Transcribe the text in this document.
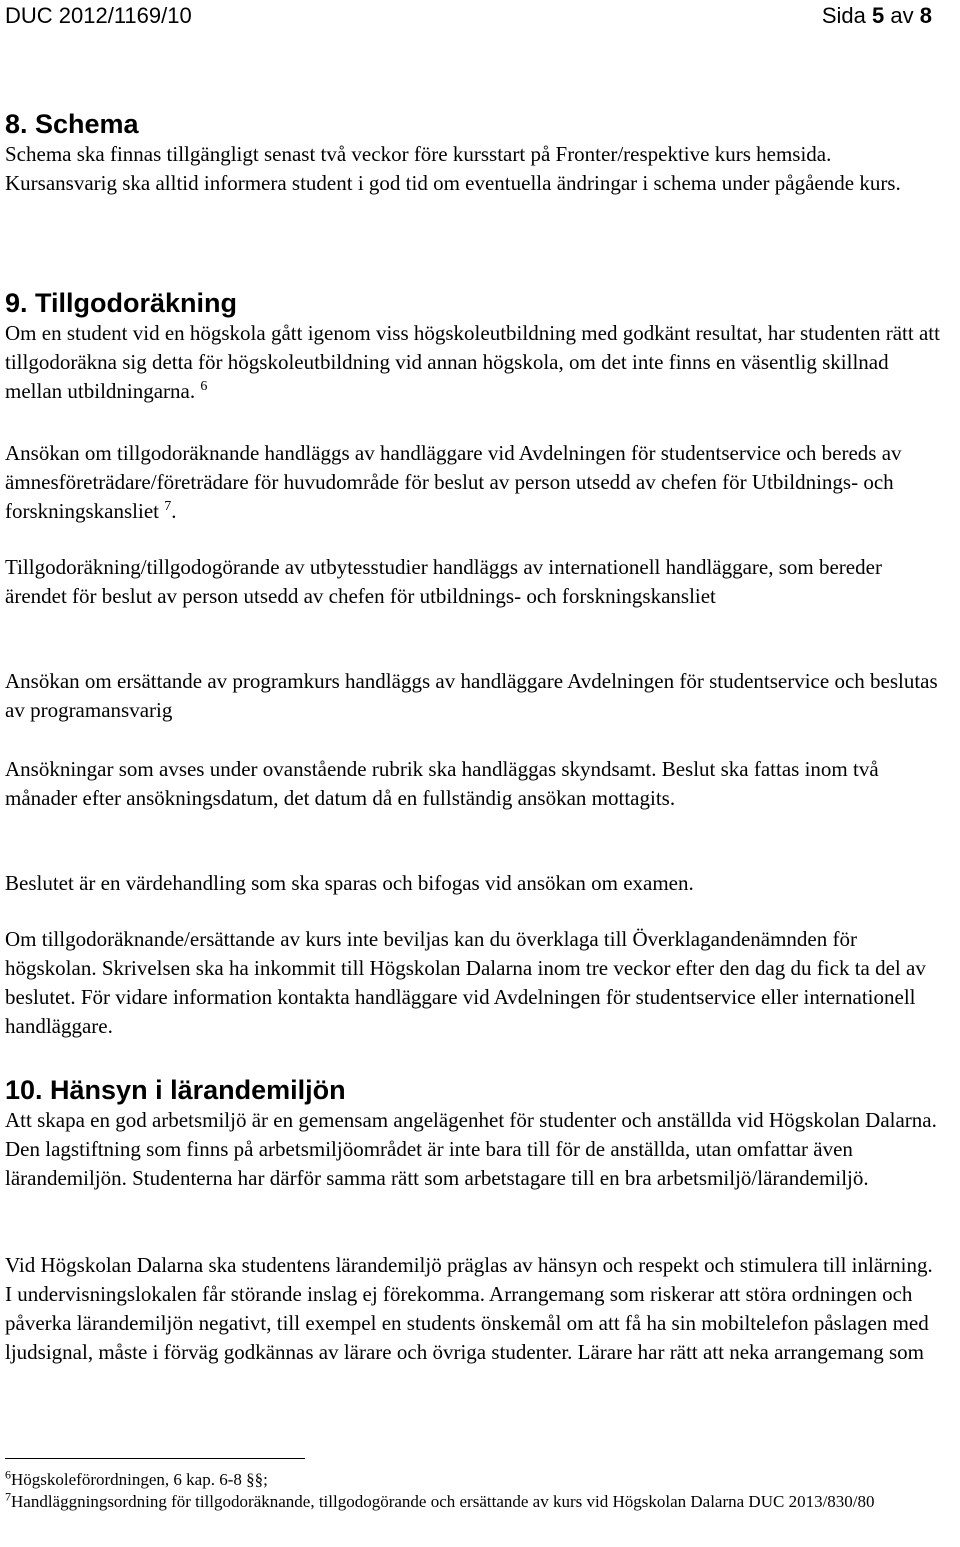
DUC 2012/1169/10	Sida 5 av 8
8. Schema

Schema ska finnas tillgängligt senast två veckor före kursstart på Fronter/respektive kurs hemsida. Kursansvarig ska alltid informera student i god tid om eventuella ändringar i schema under pågående kurs.

9. Tillgodoräkning

Om en student vid en högskola gått igenom viss högskoleutbildning med godkänt resultat, har studenten rätt att tillgodoräkna sig detta för högskoleutbildning vid annan högskola, om det inte finns en väsentlig skillnad mellan utbildningarna. $^6$

Ansökan om tillgodoräknande handläggs av handläggare vid Avdelningen för studentservice och bereds av ämnesföreträdare/företrädare för huvudområde för beslut av person utsedd av chefen för Utbildnings- och forskningskansliet $^7$.

Tillgodoräkning/tillgodogörande av utbytesstudier handläggs av internationell handläggare, som bereder ärendet för beslut av person utsedd av chefen för utbildnings- och forskningskansliet

Ansökan om ersättande av programkurs handläggs av handläggare Avdelningen för studentservice och beslutas av programansvarig

Ansökningar som avses under ovanstående rubrik ska handläggas skyndsamt. Beslut ska fattas inom två månader efter ansökningsdatum, det datum då en fullständig ansökan mottagits.

Beslutet är en värdehandling som ska sparas och bifogas vid ansökan om examen.

Om tillgodoräknande/ersättande av kurs inte beviljas kan du överklaga till Överklagandenämnden för högskolan. Skrivelsen ska ha inkommit till Högskolan Dalarna inom tre veckor efter den dag du fick ta del av beslutet. För vidare information kontakta handläggare vid Avdelningen för studentservice eller internationell handläggare.

10. Hänsyn i lärandemiljön

Att skapa en god arbetsmiljö är en gemensam angelägenhet för studenter och anställda vid Högskolan Dalarna. Den lagstiftning som finns på arbetsmiljöområdet är inte bara till för de anställda, utan omfattar även lärandemiljön. Studenterna har därför samma rätt som arbetstagare till en bra arbetsmiljö/lärandemiljö.

Vid Högskolan Dalarna ska studentens lärandemiljö präglas av hänsyn och respekt och stimulera till inlärning. I undervisningslokalen får störande inslag ej förekomma. Arrangemang som riskerar att störa ordningen och påverka lärandemiljön negativt, till exempel en students önskemål om att få ha sin mobiltelefon påslagen med ljudsignal, måste i förväg godkännas av lärare och övriga studenter. Lärare har rätt att neka arrangemang som

$^6$Högskoleförordningen, 6 kap. 6-8 §§;
$^7$Handläggningsordning för tillgodoräknande, tillgodogörande och ersättande av kurs vid Högskolan Dalarna DUC 2013/830/80
